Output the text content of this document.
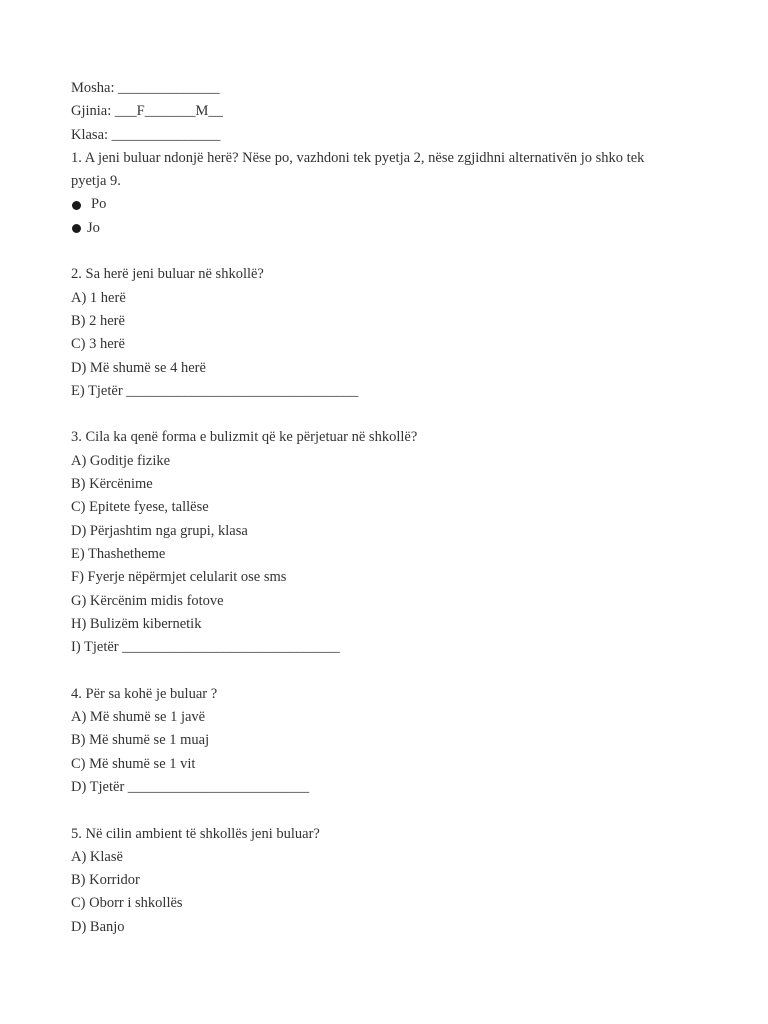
Mosha: ______________
Gjinia: ___F_______M__
Klasa: _______________
1. A jeni buluar ndonjë herë? Nëse po, vazhdoni tek pyetja 2, nëse zgjidhni alternativën jo shko tek
pyetja 9.
Po
Jo
2. Sa herë jeni buluar në shkollë?
A) 1 herë
B) 2 herë
C) 3 herë
D) Më shumë se 4 herë
E) Tjetër ________________________________
3. Cila ka qenë forma e bulizmit që ke përjetuar në shkollë?
A) Goditje fizike
B) Kërcënime
C) Epitete fyese, tallëse
D) Përjashtim nga grupi, klasa
E) Thashetheme
F) Fyerje nëpërmjet celularit ose sms
G) Kërcënim midis fotove
H) Bulizëm kibernetik
I) Tjetër ______________________________
4. Për sa kohë je buluar ?
A) Më shumë se 1 javë
B) Më shumë se 1 muaj
C) Më shumë se 1 vit
D) Tjetër _________________________
5. Në cilin ambient të shkollës jeni buluar?
A) Klasë
B) Korridor
C) Oborr i shkollës
D) Banjo
